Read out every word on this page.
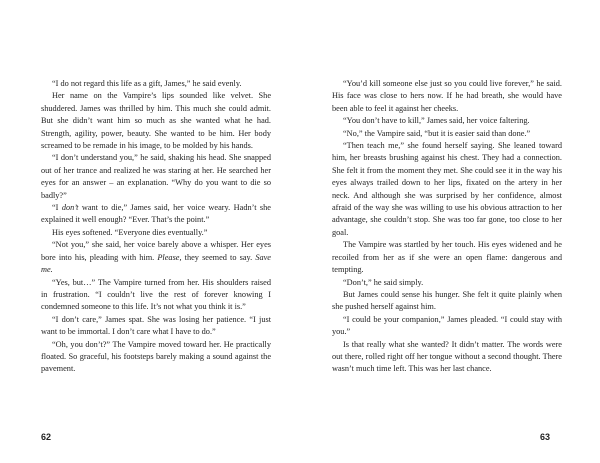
“I do not regard this life as a gift, James,” he said evenly.

Her name on the Vampire’s lips sounded like velvet. She shuddered. James was thrilled by him. This much she could admit. But she didn’t want him so much as she wanted what he had. Strength, agility, power, beauty. She wanted to be him. Her body screamed to be remade in his image, to be molded by his hands.

“I don’t understand you,” he said, shaking his head. She snapped out of her trance and realized he was staring at her. He searched her eyes for an answer – an explanation. “Why do you want to die so badly?”

“I don’t want to die,” James said, her voice weary. Hadn’t she explained it well enough? “Ever. That’s the point.”

His eyes softened. “Everyone dies eventually.”

“Not you,” she said, her voice barely above a whisper. Her eyes bore into his, pleading with him. Please, they seemed to say. Save me.

“Yes, but…” The Vampire turned from her. His shoulders raised in frustration. “I couldn’t live the rest of forever knowing I condemned someone to this life. It’s not what you think it is.”

“I don’t care,” James spat. She was losing her patience. “I just want to be immortal. I don’t care what I have to do.”

“Oh, you don’t?” The Vampire moved toward her. He practically floated. So graceful, his footsteps barely making a sound against the pavement.

“You’d kill someone else just so you could live forever,” he said. His face was close to hers now. If he had breath, she would have been able to feel it against her cheeks.

“You don’t have to kill,” James said, her voice faltering.

“No,” the Vampire said, “but it is easier said than done.”

“Then teach me,” she found herself saying. She leaned toward him, her breasts brushing against his chest. They had a connection. She felt it from the moment they met. She could see it in the way his eyes always trailed down to her lips, fixated on the artery in her neck. And although she was surprised by her confidence, almost afraid of the way she was willing to use his obvious attraction to her advantage, she couldn’t stop. She was too far gone, too close to her goal.

The Vampire was startled by her touch. His eyes widened and he recoiled from her as if she were an open flame: dangerous and tempting.

“Don’t,” he said simply.

But James could sense his hunger. She felt it quite plainly when she pushed herself against him.

“I could be your companion,” James pleaded. “I could stay with you.”

Is that really what she wanted? It didn’t matter. The words were out there, rolled right off her tongue without a second thought. There wasn’t much time left. This was her last chance.

62	63
